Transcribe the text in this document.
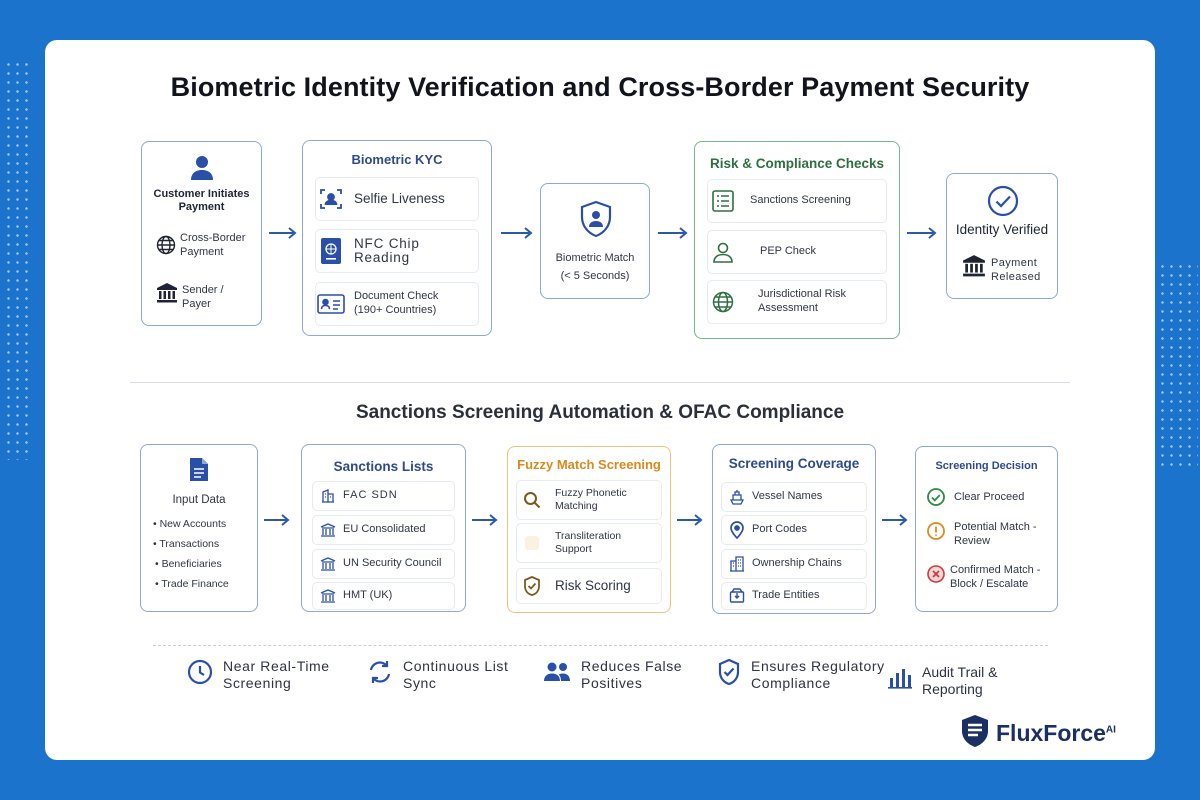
Biometric Identity Verification and Cross-Border Payment Security
Customer Initiates Payment
Cross-Border Payment
Sender / Payer
Biometric KYC
Selfie Liveness
NFC Chip Reading
Document Check (190+ Countries)
Biometric Match
(< 5 Seconds)
Risk & Compliance Checks
Sanctions Screening
PEP Check
Jurisdictional Risk Assessment
Identity Verified
Payment Released
Sanctions Screening Automation & OFAC Compliance
Input Data
• New Accounts
• Transactions
• Beneficiaries
• Trade Finance
Sanctions Lists
FAC SDN
EU Consolidated
UN Security Council
HMT (UK)
Fuzzy Match Screening
Fuzzy Phonetic Matching
Transliteration Support
Risk Scoring
Screening Coverage
Vessel Names
Port Codes
Ownership Chains
Trade Entities
Screening Decision
Clear Proceed
Potential Match - Review
Confirmed Match - Block / Escalate
Near Real-Time Screening
Continuous List Sync
Reduces False Positives
Ensures Regulatory Compliance
Audit Trail & Reporting
FluxForce$^{AI}$
